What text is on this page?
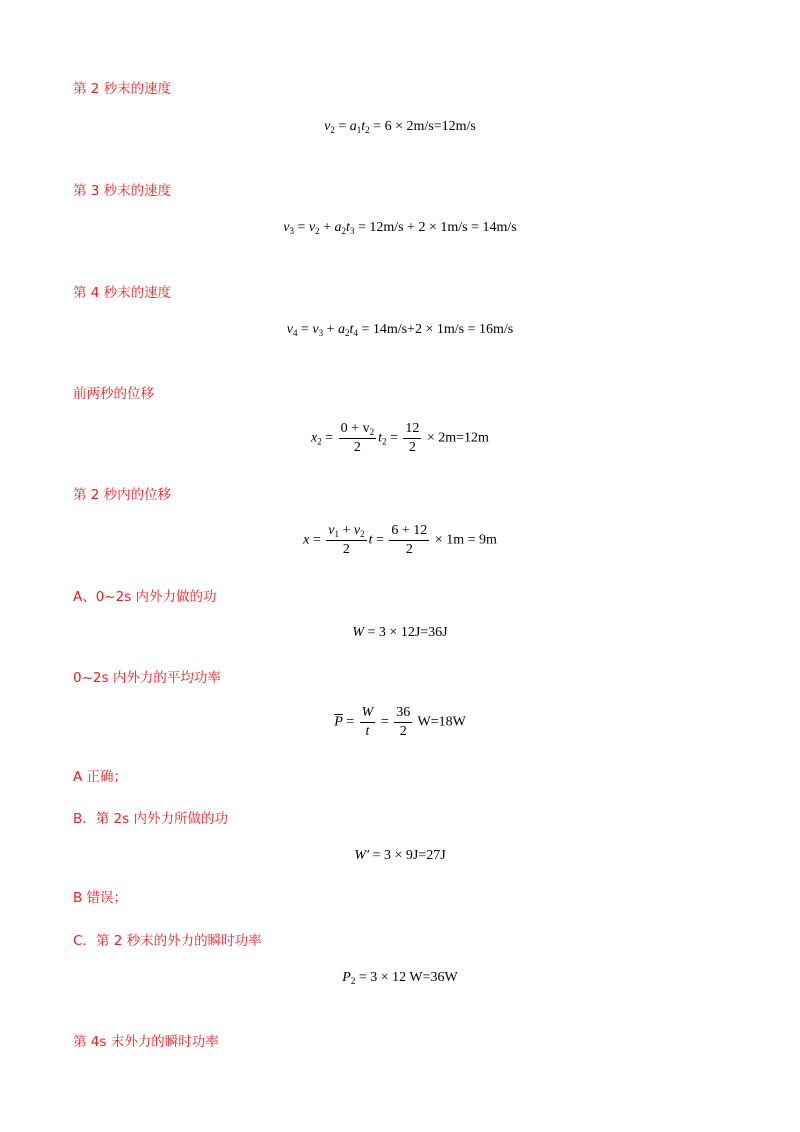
第 2 秒末的速度
$v_2 = a_1t_2 = 6 \times 2m/s=12m/s$
第 3 秒末的速度
$v_3 = v_2 + a_2t_3 = 12m/s + 2 \times 1m/s = 14m/s$
第 4 秒末的速度
$v_4 = v_3 + a_2t_4 = 14m/s+2 \times 1m/s = 16m/s$
前两秒的位移
$x_2 = \frac{0 + v_2}{2} t_2 = \frac{12}{2} \times 2m=12m$
第 2 秒内的位移
$x = \frac{v_1 + v_2}{2}$ $t = \frac{6 + 12}{2} \times 1m = 9m$
A、0~2s 内外力做的功
W = 3 × 12J=36J
0~2s 内外力的平均功率
$\overline{P} = \frac{W}{t} = \frac{36}{2} W=18W$
A 正确；
B．第 2s 内外力所做的功
W′ = 3 × 9J=27J
B 错误；
C．第 2 秒末的外力的瞬时功率
$P_2 = 3 \times 12$ W=36W
第 4s 末外力的瞬时功率
